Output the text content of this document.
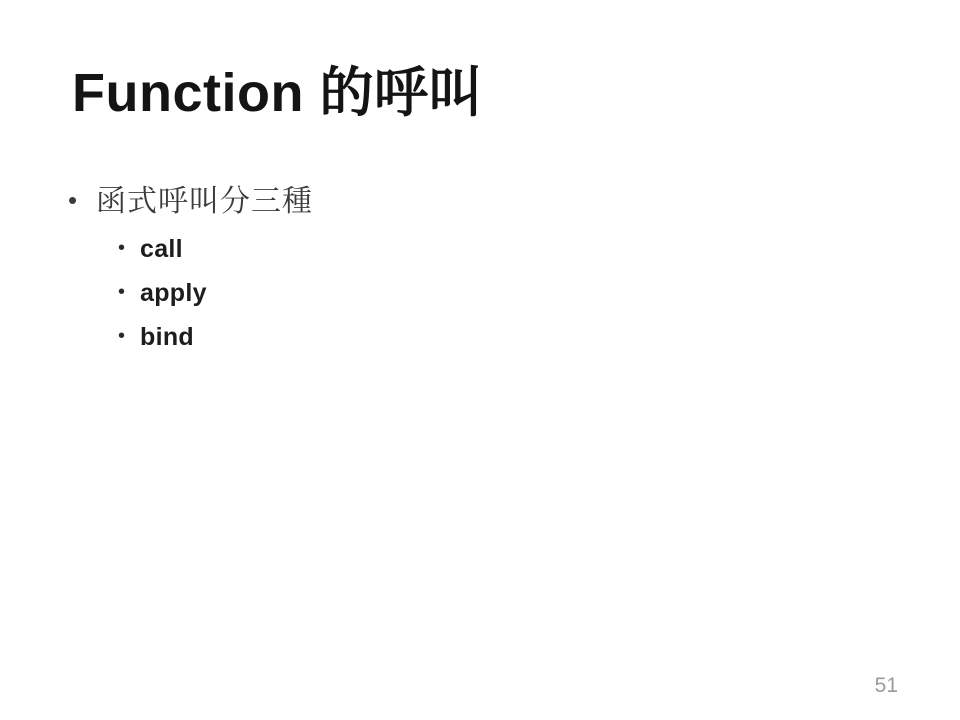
Function 的呼叫
• 函式呼叫分三種
• call
• apply
• bind
51
